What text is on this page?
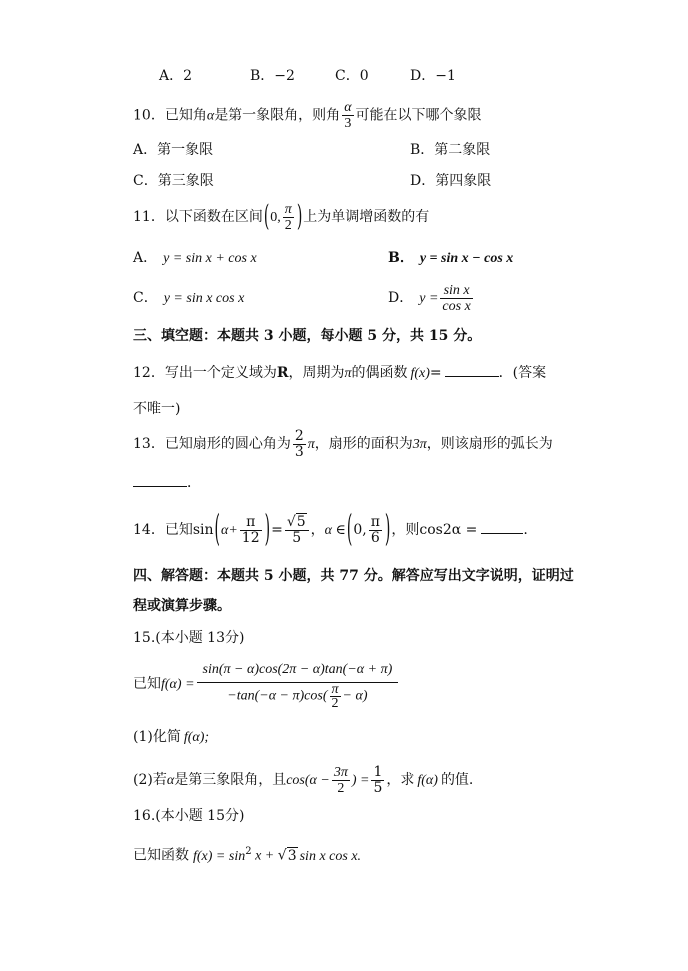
A．2	B．−2	C．0	D．−1
10．已知角α是第一象限角，则角 $\frac{\alpha}{3}$ 可能在以下哪个象限
A．第一象限	B．第二象限
C．第三象限	D．第四象限
11．以下函数在区间(0, $\frac{\pi}{2}$ )上为单调增函数的有
A． y = sin x + cos x	B． y = sin x − cos x
C． y = sin x cos x	D． $y = \frac{\text{sin x}}{\text{cos x}}$
三、填空题：本题共 3 小题，每小题 5 分，共 15 分。
12．写出一个定义域为R，周期为π的偶函数 f(x)=	．(答案
不唯一)
13．已知扇形的圆心角为 $\frac{2}{3}$ π，扇形的面积为3π，则该扇形的弧长为
．
14．已知$\sin(\alpha+ \frac{\pi}{12}$ )= $\frac{√5}{5}$ ，α ∈(0, $\frac{\pi}{6}$ )，则cos2α =	.
四、解答题：本题共 5 小题，共 77 分。解答应写出文字说明，证明过
程或演算步骤。
15.(本小题 13分)
已知$f(\alpha) = \frac{\sin(\pi - \alpha)\cos(2\pi - \alpha)\tan(-\alpha + \pi)}{-\tan(-\alpha - \pi)\cos( \frac{\pi}{2} - \alpha)}$
(1)化简 f(α);
(2)若α是第三象限角，且$\cos(\alpha - \frac{3\pi}{2}$ ) = $\frac{1}{5}$ ，求 f(α) 的值.
16.(本小题 15分)
已知函数 $f(x) = \sin^2 x + √3$ sin x cos x.
